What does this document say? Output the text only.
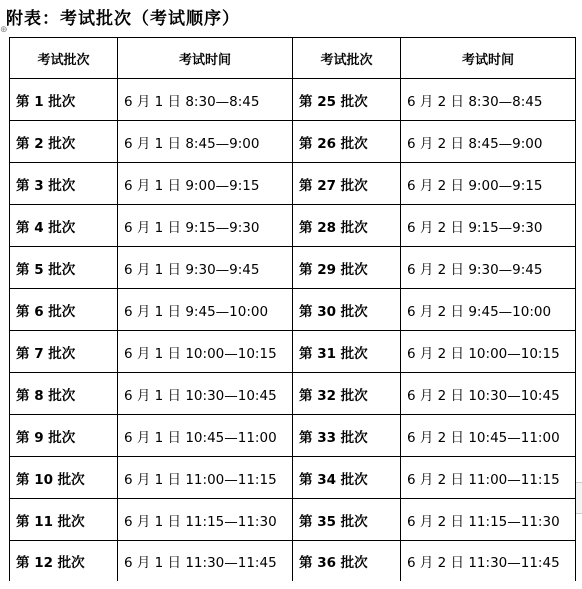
附表：考试批次（考试顺序）
⊕
考试批次	考试时间	考试批次	考试时间
第 1 批次	6 月 1 日 8:30—8:45	第 25 批次	6 月 2 日 8:30—8:45
第 2 批次	6 月 1 日 8:45—9:00	第 26 批次	6 月 2 日 8:45—9:00
第 3 批次	6 月 1 日 9:00—9:15	第 27 批次	6 月 2 日 9:00—9:15
第 4 批次	6 月 1 日 9:15—9:30	第 28 批次	6 月 2 日 9:15—9:30
第 5 批次	6 月 1 日 9:30—9:45	第 29 批次	6 月 2 日 9:30—9:45
第 6 批次	6 月 1 日 9:45—10:00	第 30 批次	6 月 2 日 9:45—10:00
第 7 批次	6 月 1 日 10:00—10:15	第 31 批次	6 月 2 日 10:00—10:15
第 8 批次	6 月 1 日 10:30—10:45	第 32 批次	6 月 2 日 10:30—10:45
第 9 批次	6 月 1 日 10:45—11:00	第 33 批次	6 月 2 日 10:45—11:00
第 10 批次	6 月 1 日 11:00—11:15	第 34 批次	6 月 2 日 11:00—11:15
第 11 批次	6 月 1 日 11:15—11:30	第 35 批次	6 月 2 日 11:15—11:30
第 12 批次	6 月 1 日 11:30—11:45	第 36 批次	6 月 2 日 11:30—11:45
